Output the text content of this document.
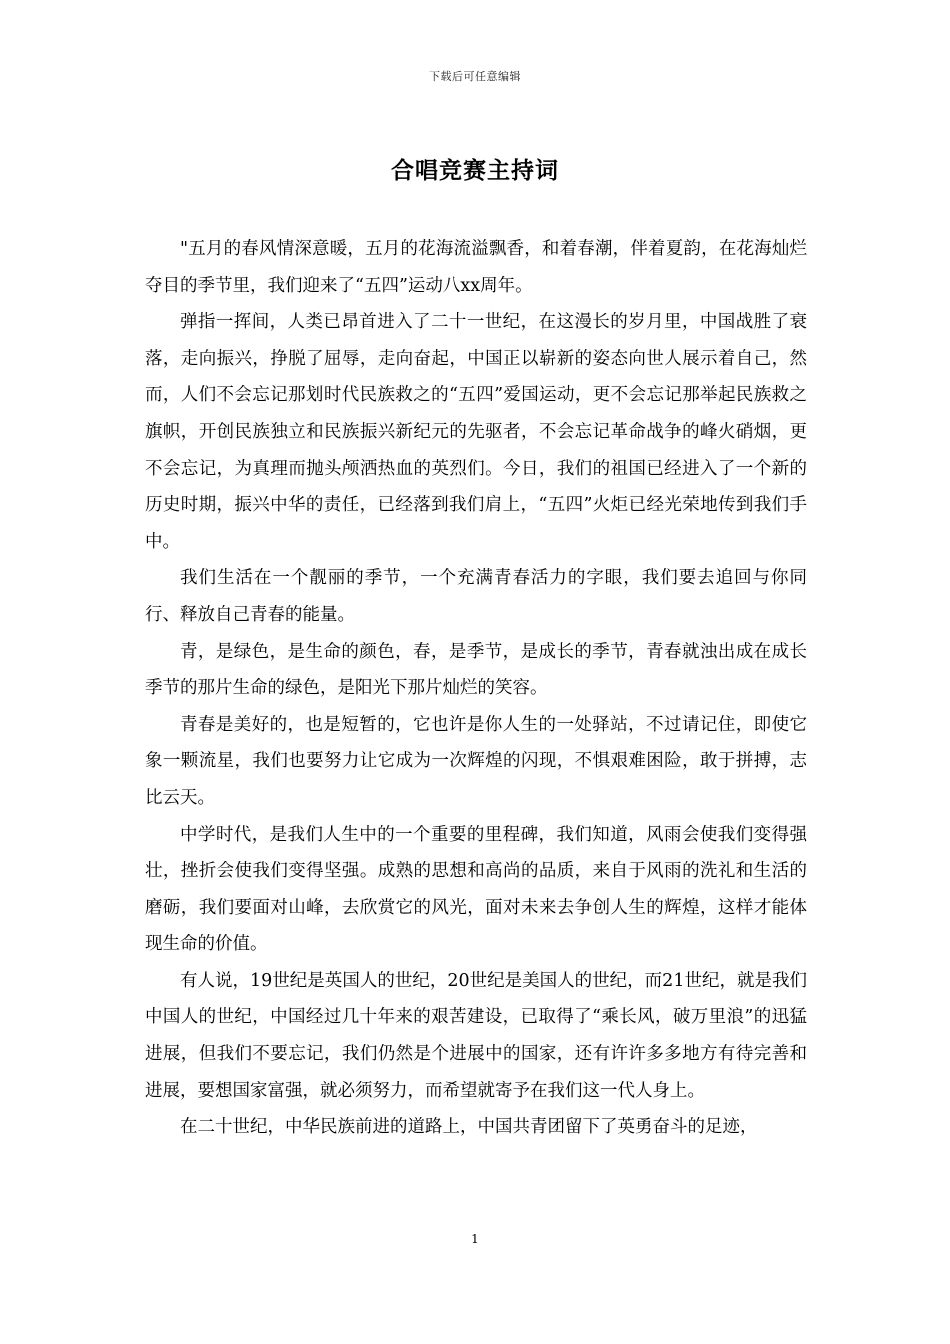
下载后可任意编辑
合唱竞赛主持词

"五月的春风情深意暖，五月的花海流溢飘香，和着春潮，伴着夏韵，在花海灿烂夺目的季节里，我们迎来了“五四”运动八xx周年。

弹指一挥间，人类已昂首进入了二十一世纪，在这漫长的岁月里，中国战胜了衰落，走向振兴，挣脱了屈辱，走向奋起，中国正以崭新的姿态向世人展示着自己，然而，人们不会忘记那划时代民族救之的“五四”爱国运动，更不会忘记那举起民族救之旗帜，开创民族独立和民族振兴新纪元的先驱者，不会忘记革命战争的峰火硝烟，更不会忘记，为真理而抛头颅洒热血的英烈们。今日，我们的祖国已经进入了一个新的历史时期，振兴中华的责任，已经落到我们肩上，“五四”火炬已经光荣地传到我们手中。

我们生活在一个靓丽的季节，一个充满青春活力的字眼，我们要去追回与你同行、释放自己青春的能量。

青，是绿色，是生命的颜色，春，是季节，是成长的季节，青春就浊出成在成长季节的那片生命的绿色，是阳光下那片灿烂的笑容。

青春是美好的，也是短暂的，它也许是你人生的一处驿站，不过请记住，即使它象一颗流星，我们也要努力让它成为一次辉煌的闪现，不惧艰难困险，敢于拼搏，志比云天。

中学时代，是我们人生中的一个重要的里程碑，我们知道，风雨会使我们变得强壮，挫折会使我们变得坚强。成熟的思想和高尚的品质，来自于风雨的洗礼和生活的磨砺，我们要面对山峰，去欣赏它的风光，面对未来去争创人生的辉煌，这样才能体现生命的价值。

有人说，19世纪是英国人的世纪，20世纪是美国人的世纪，而21世纪，就是我们中国人的世纪，中国经过几十年来的艰苦建设，已取得了“乘长风，破万里浪”的迅猛进展，但我们不要忘记，我们仍然是个进展中的国家，还有许许多多地方有待完善和进展，要想国家富强，就必须努力，而希望就寄予在我们这一代人身上。

在二十世纪，中华民族前进的道路上，中国共青团留下了英勇奋斗的足迹，

1
